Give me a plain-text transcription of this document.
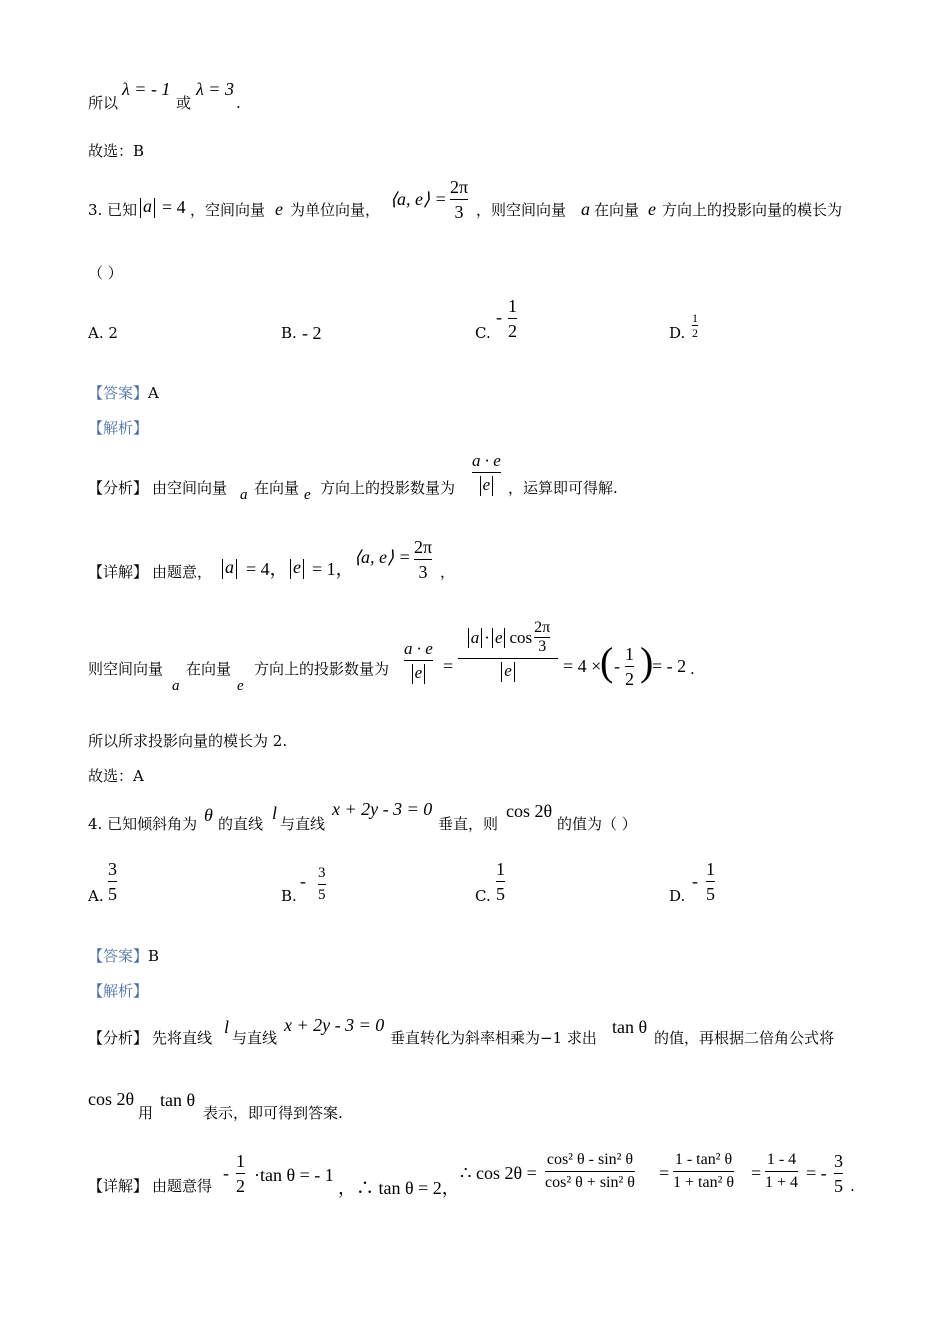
所以
λ = - 1
或
λ = 3
.
故选：B
3. 已知 a = 4 ，空间向量 e 为单位向量，
⟨a, e⟩ =
2π
3 ，则空间向量 a 在向量 e 方向上的投影向量的模长为
（ ）
A. 2	B. - 2	C.
-
1
2	D.
1
2
【答案】A
【解析】
【分析】 由空间向量 a 在向量 e 方向上的投影数量为
a · e
e	，运算即可得解.
【详解】 由题意， a = 4， e = 1，
⟨a, e⟩ = 2π
3 ，
则空间向量
a
在向量
e
方向上的投影数量为
a · e
e =
a · e cos
2π
3
e	= 4 ×
( -
1
2 )
= - 2 .
所以所求投影向量的模长为 2.
故选：A
4. 已知倾斜角为 θ 的直线
l
与直线
x + 2y - 3 = 0
垂直，则
cos 2θ
的值为（ ）
A.
3
5	B.
- 3
5	C.
1
5	D.
-
1
5
【答案】B
【解析】
【分析】 先将直线
l
与直线
x + 2y - 3 = 0
垂直转化为斜率相乘为−1 求出
tan θ
的值，再根据二倍角公式将
cos 2θ
用
tan θ
表示，即可得到答案.
【详解】 由题意得
-
1
2
·tan θ = - 1
，∴ tan θ = 2，
∴ cos 2θ =
cos² θ - sin² θ
cos² θ + sin² θ =
1 - tan² θ
1 + tan² θ =
1 - 4
1 + 4 = -
3
5 .
